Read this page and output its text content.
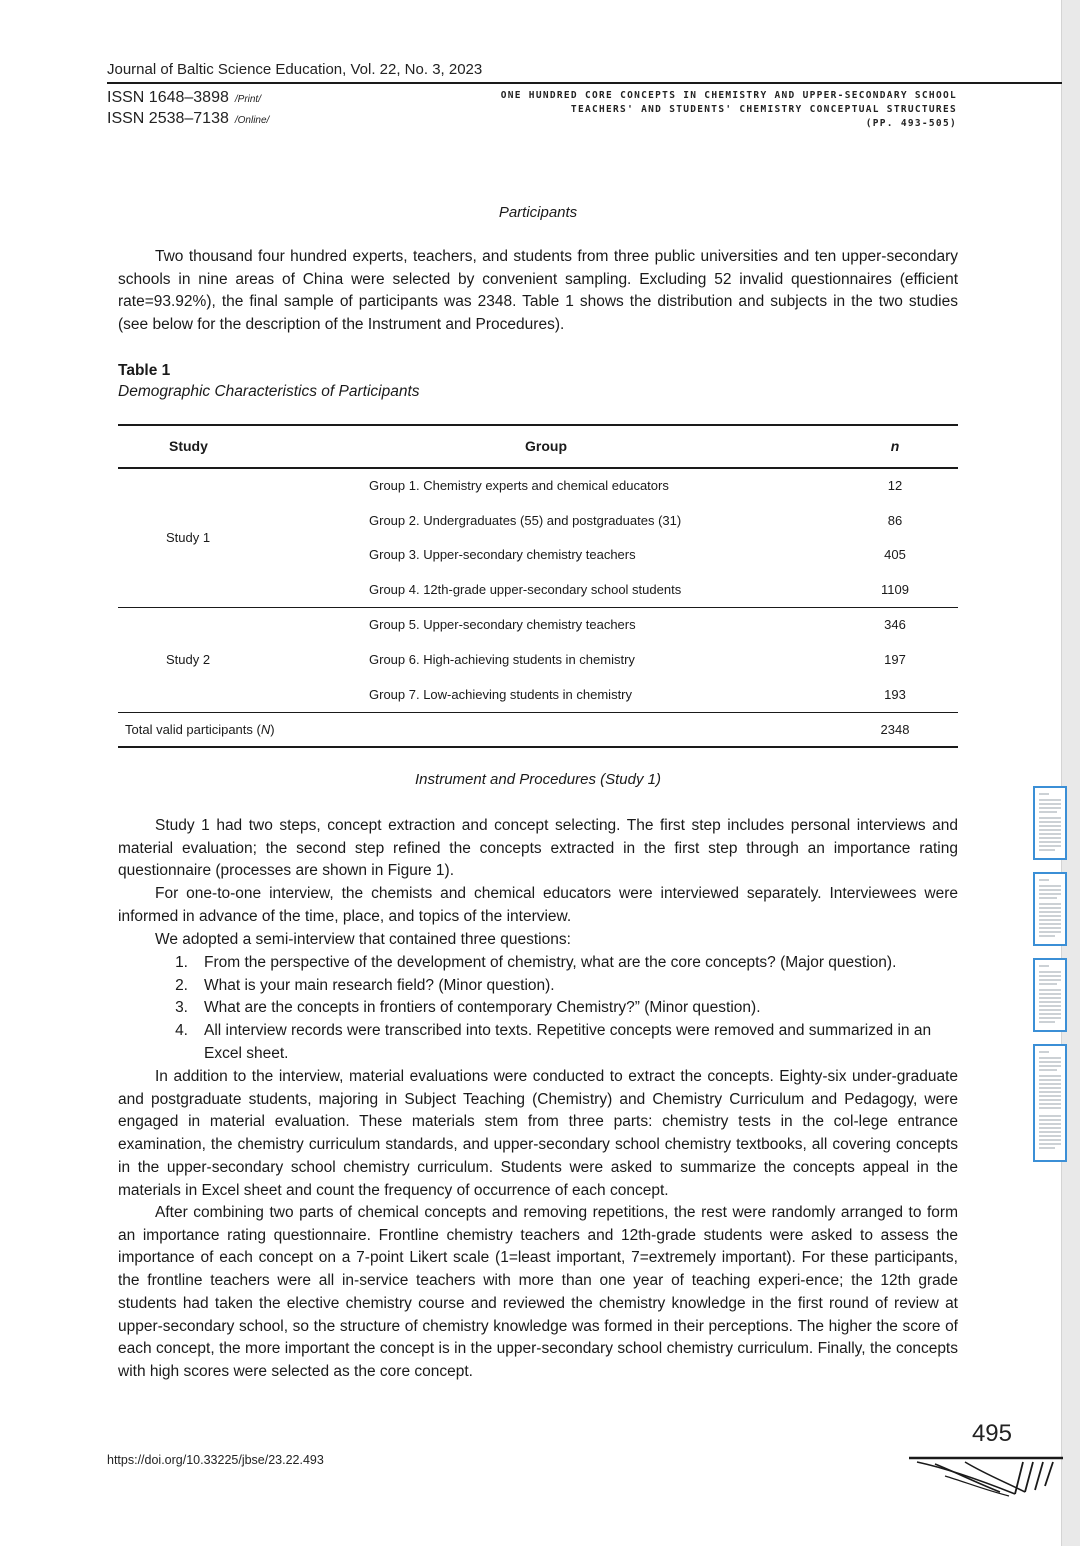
Journal of Baltic Science Education, Vol. 22, No. 3, 2023
ISSN 1648–3898 /Print/
ISSN 2538–7138 /Online/
ONE HUNDRED CORE CONCEPTS IN CHEMISTRY AND UPPER-SECONDARY SCHOOL
TEACHERS' AND STUDENTS' CHEMISTRY CONCEPTUAL STRUCTURES
(PP. 493-505)
Participants

Two thousand four hundred experts, teachers, and students from three public universities and ten upper-secondary schools in nine areas of China were selected by convenient sampling. Excluding 52 invalid questionnaires (efficient rate=93.92%), the final sample of participants was 2348. Table 1 shows the distribution and subjects in the two studies (see below for the description of the Instrument and Procedures).

Table 1
Demographic Characteristics of Participants
Study	Group	n
Study 1
Group 1. Chemistry experts and chemical educators	12
Group 2. Undergraduates (55) and postgraduates (31)	86
Group 3. Upper-secondary chemistry teachers	405
Group 4. 12th-grade upper-secondary school students	1109
Study 2
Group 5. Upper-secondary chemistry teachers	346
Group 6. High-achieving students in chemistry	197
Group 7. Low-achieving students in chemistry	193
Total valid participants (N)	2348
Instrument and Procedures (Study 1)

Study 1 had two steps, concept extraction and concept selecting. The first step includes personal interviews and material evaluation; the second step refined the concepts extracted in the first step through an importance rating questionnaire (processes are shown in Figure 1).

For one-to-one interview, the chemists and chemical educators were interviewed separately. Interviewees were informed in advance of the time, place, and topics of the interview.

We adopted a semi-interview that contained three questions:

1. From the perspective of the development of chemistry, what are the core concepts? (Major question).
2. What is your main research field? (Minor question).
3. What are the concepts in frontiers of contemporary Chemistry?” (Minor question).
4. All interview records were transcribed into texts. Repetitive concepts were removed and summarized in an Excel sheet.

In addition to the interview, material evaluations were conducted to extract the concepts. Eighty-six under-graduate and postgraduate students, majoring in Subject Teaching (Chemistry) and Chemistry Curriculum and Pedagogy, were engaged in material evaluation. These materials stem from three parts: chemistry tests in the col-lege entrance examination, the chemistry curriculum standards, and upper-secondary school chemistry textbooks, all covering concepts in the upper-secondary school chemistry curriculum. Students were asked to summarize the concepts appeal in the materials in Excel sheet and count the frequency of occurrence of each concept.

After combining two parts of chemical concepts and removing repetitions, the rest were randomly arranged to form an importance rating questionnaire. Frontline chemistry teachers and 12th-grade students were asked to assess the importance of each concept on a 7-point Likert scale (1=least important, 7=extremely important). For these participants, the frontline teachers were all in-service teachers with more than one year of teaching experi-ence; the 12th grade students had taken the elective chemistry course and reviewed the chemistry knowledge in the first round of review at upper-secondary school, so the structure of chemistry knowledge was formed in their perceptions. The higher the score of each concept, the more important the concept is in the upper-secondary school chemistry curriculum. Finally, the concepts with high scores were selected as the core concept.

495
https://doi.org/10.33225/jbse/23.22.493
